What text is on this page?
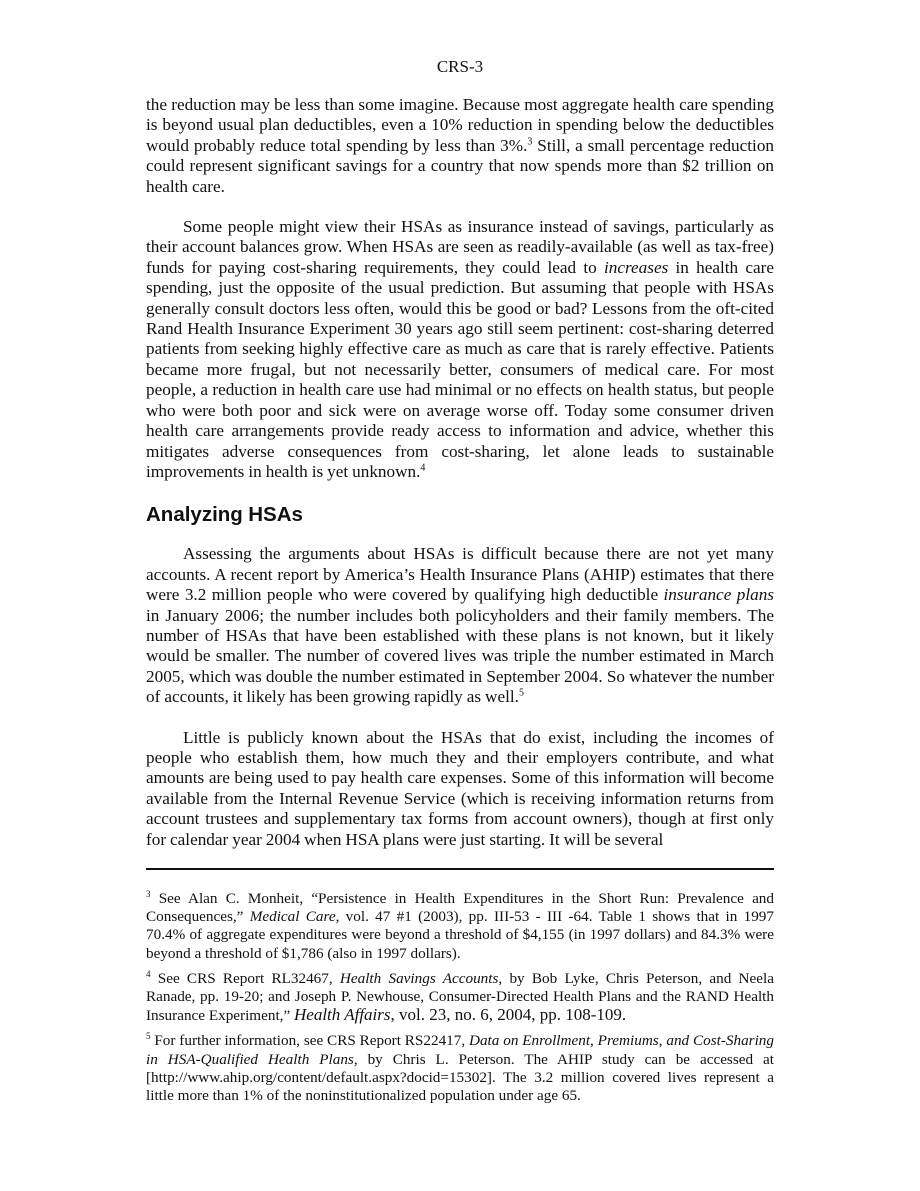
CRS-3

the reduction may be less than some imagine. Because most aggregate health care spending is beyond usual plan deductibles, even a 10% reduction in spending below the deductibles would probably reduce total spending by less than 3%.$^3$ Still, a small percentage reduction could represent significant savings for a country that now spends more than $2 trillion on health care.

Some people might view their HSAs as insurance instead of savings, particularly as their account balances grow. When HSAs are seen as readily-available (as well as tax-free) funds for paying cost-sharing requirements, they could lead to increases in health care spending, just the opposite of the usual prediction. But assuming that people with HSAs generally consult doctors less often, would this be good or bad? Lessons from the oft-cited Rand Health Insurance Experiment 30 years ago still seem pertinent: cost-sharing deterred patients from seeking highly effective care as much as care that is rarely effective. Patients became more frugal, but not necessarily better, consumers of medical care. For most people, a reduction in health care use had minimal or no effects on health status, but people who were both poor and sick were on average worse off. Today some consumer driven health care arrangements provide ready access to information and advice, whether this mitigates adverse consequences from cost-sharing, let alone leads to sustainable improvements in health is yet unknown.$^4$

Analyzing HSAs

Assessing the arguments about HSAs is difficult because there are not yet many accounts. A recent report by America’s Health Insurance Plans (AHIP) estimates that there were 3.2 million people who were covered by qualifying high deductible insurance plans in January 2006; the number includes both policyholders and their family members. The number of HSAs that have been established with these plans is not known, but it likely would be smaller. The number of covered lives was triple the number estimated in March 2005, which was double the number estimated in September 2004. So whatever the number of accounts, it likely has been growing rapidly as well.$^5$

Little is publicly known about the HSAs that do exist, including the incomes of people who establish them, how much they and their employers contribute, and what amounts are being used to pay health care expenses. Some of this information will become available from the Internal Revenue Service (which is receiving information returns from account trustees and supplementary tax forms from account owners), though at first only for calendar year 2004 when HSA plans were just starting. It will be several

$^3$ See Alan C. Monheit, “Persistence in Health Expenditures in the Short Run: Prevalence and Consequences,” Medical Care, vol. 47 #1 (2003), pp. III-53 - III -64. Table 1 shows that in 1997 70.4% of aggregate expenditures were beyond a threshold of $4,155 (in 1997 dollars) and 84.3% were beyond a threshold of $1,786 (also in 1997 dollars).

$^4$ See CRS Report RL32467, Health Savings Accounts, by Bob Lyke, Chris Peterson, and Neela Ranade, pp. 19-20; and Joseph P. Newhouse, Consumer-Directed Health Plans and the RAND Health Insurance Experiment,” Health Affairs, vol. 23, no. 6, 2004, pp. 108-109.

$^5$ For further information, see CRS Report RS22417, Data on Enrollment, Premiums, and Cost-Sharing in HSA-Qualified Health Plans, by Chris L. Peterson. The AHIP study can be accessed at [http://www.ahip.org/content/default.aspx?docid=15302]. The 3.2 million covered lives represent a little more than 1% of the noninstitutionalized population under age 65.
